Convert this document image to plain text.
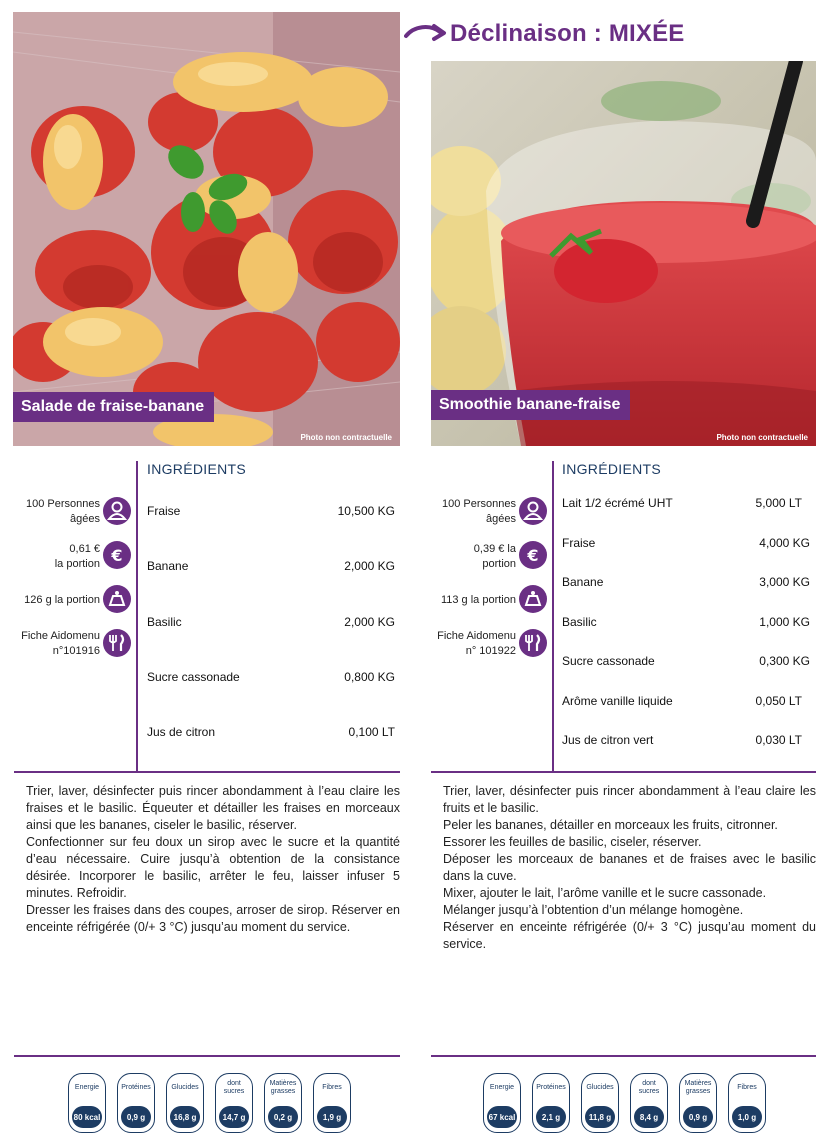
Déclinaison : MIXÉE
Salade de fraise-banane
Photo non contractuelle
Smoothie banane-fraise
Photo non contractuelle
100 Personnes
âgées
0,61 €
la portion €
126 g la portion
Fiche Aidomenu
n°101916
INGRÉDIENTS
Fraise	10,500 KG
Banane	2,000 KG
Basilic	2,000 KG
Sucre cassonade	0,800 KG
Jus de citron	0,100 LT
100 Personnes
âgées
0,39 € la
portion €
113 g la portion
Fiche Aidomenu
n° 101922
INGRÉDIENTS
Lait 1/2 écrémé UHT	5,000 LT
Fraise	4,000 KG
Banane	3,000 KG
Basilic	1,000 KG
Sucre cassonade	0,300 KG
Arôme vanille liquide	0,050 LT
Jus de citron vert	0,030 LT

Trier, laver, désinfecter puis rincer abondamment à l’eau claire les fraises et le basilic. Équeuter et détailler les fraises en morceaux ainsi que les bananes, ciseler le basilic, réserver.

Confectionner sur feu doux un sirop avec le sucre et la quantité d’eau nécessaire. Cuire jusqu’à obtention de la consistance désirée. Incorporer le basilic, arrêter le feu, laisser infuser 5 minutes. Refroidir.

Dresser les fraises dans des coupes, arroser de sirop. Réserver en enceinte réfrigérée (0/+ 3 °C) jusqu’au moment du service.

Trier, laver, désinfecter puis rincer abondamment à l’eau claire les fruits et le basilic.

Peler les bananes, détailler en morceaux les fruits, citronner.

Essorer les feuilles de basilic, ciseler, réserver.

Déposer les morceaux de bananes et de fraises avec le basilic dans la cuve.

Mixer, ajouter le lait, l’arôme vanille et le sucre cassonade.

Mélanger jusqu’à l’obtention d’un mélange homogène.

Réserver en enceinte réfrigérée (0/+ 3 °C) jusqu’au moment du service.

Energie
80 kcal
Protéines
0,9 g
Glucides
16,8 g
dont sucres
14,7 g
Matières grasses
0,2 g
Fibres
1,9 g
Energie
67 kcal
Protéines
2,1 g
Glucides
11,8 g
dont sucres
8,4 g
Matières grasses
0,9 g
Fibres
1,0 g
